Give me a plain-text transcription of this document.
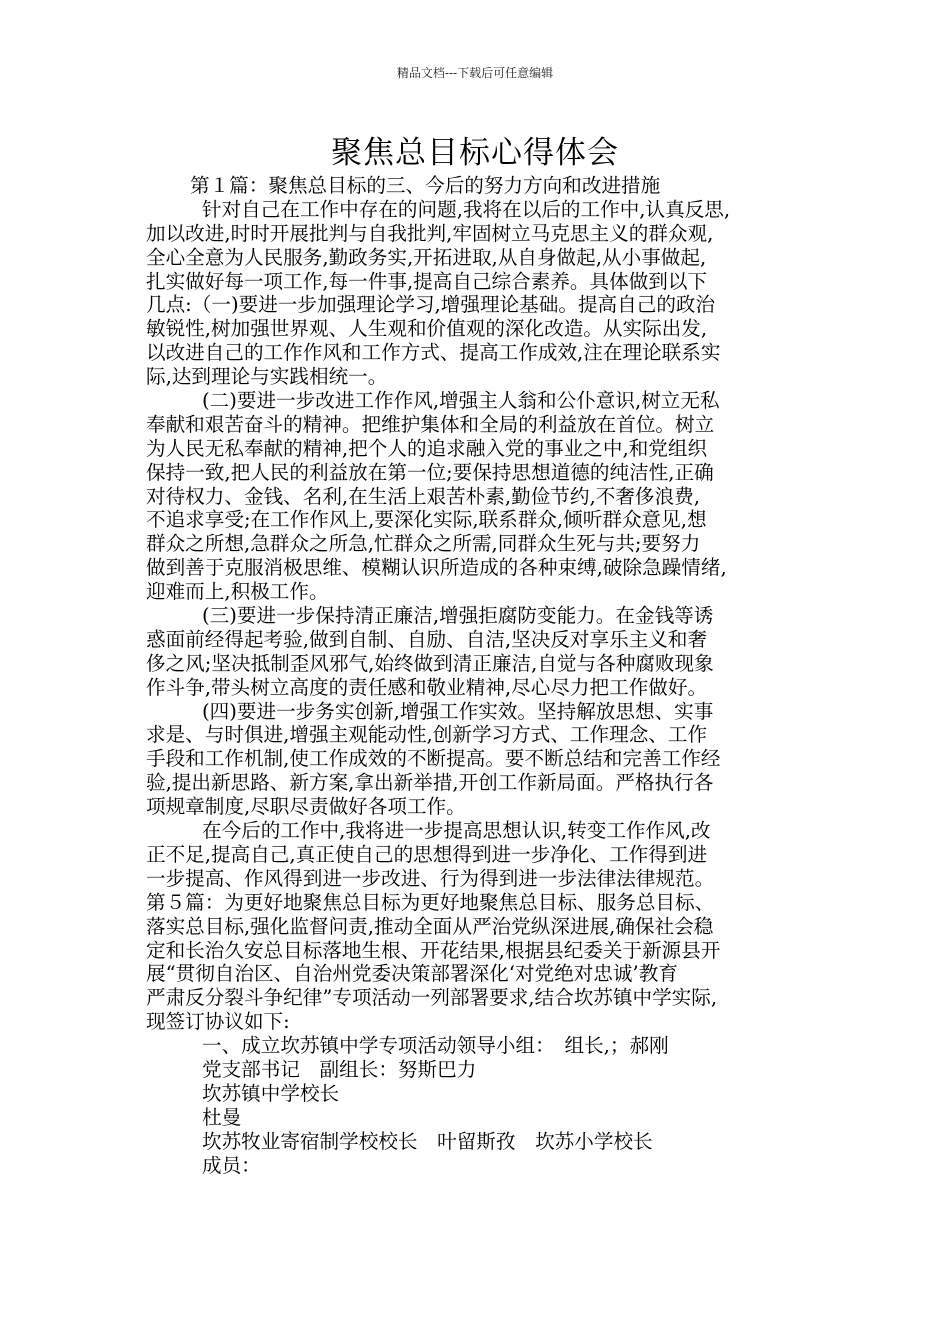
精品文档---下载后可任意编辑
聚焦总目标心得体会
第１篇：聚焦总目标的三、今后的努力方向和改进措施
针对自己在工作中存在的问题,我将在以后的工作中,认真反思,
加以改进,时时开展批判与自我批判,牢固树立马克思主义的群众观,
全心全意为人民服务,勤政务实,开拓进取,从自身做起,从小事做起,
扎实做好每一项工作,每一件事,提高自己综合素养。具体做到以下
几点:（一)要进一步加强理论学习,增强理论基础。提高自己的政治
敏锐性,树加强世界观、人生观和价值观的深化改造。从实际出发,
以改进自己的工作作风和工作方式、提高工作成效,注在理论联系实
际,达到理论与实践相统一。
(二)要进一步改进工作作风,增强主人翁和公仆意识,树立无私
奉献和艰苦奋斗的精神。把维护集体和全局的利益放在首位。树立
为人民无私奉献的精神,把个人的追求融入党的事业之中,和党组织
保持一致,把人民的利益放在第一位;要保持思想道德的纯洁性,正确
对待权力、金钱、名利,在生活上艰苦朴素,勤俭节约,不奢侈浪费,
不追求享受;在工作作风上,要深化实际,联系群众,倾听群众意见,想
群众之所想,急群众之所急,忙群众之所需,同群众生死与共;要努力
做到善于克服消极思维、模糊认识所造成的各种束缚,破除急躁情绪,
迎难而上,积极工作。
(三)要进一步保持清正廉洁,增强拒腐防变能力。在金钱等诱
惑面前经得起考验,做到自制、自励、自洁,坚决反对享乐主义和奢
侈之风;坚决抵制歪风邪气,始终做到清正廉洁,自觉与各种腐败现象
作斗争,带头树立高度的责任感和敬业精神,尽心尽力把工作做好。
(四)要进一步务实创新,增强工作实效。坚持解放思想、实事
求是、与时俱进,增强主观能动性,创新学习方式、工作理念、工作
手段和工作机制,使工作成效的不断提高。要不断总结和完善工作经
验,提出新思路、新方案,拿出新举措,开创工作新局面。严格执行各
项规章制度,尽职尽责做好各项工作。
在今后的工作中,我将进一步提高思想认识,转变工作作风,改
正不足,提高自己,真正使自己的思想得到进一步净化、工作得到进
一步提高、作风得到进一步改进、行为得到进一步法律法律规范。
第５篇：为更好地聚焦总目标为更好地聚焦总目标、服务总目标、
落实总目标,强化监督问责,推动全面从严治党纵深进展,确保社会稳
定和长治久安总目标落地生根、开花结果,根据县纪委关于新源县开
展“贯彻自治区、自治州党委决策部署深化‘对党绝对忠诚’教育
严肃反分裂斗争纪律”专项活动一列部署要求,结合坎苏镇中学实际,
现签订协议如下:
一、成立坎苏镇中学专项活动领导小组：　组长,；郝刚
党支部书记　副组长：努斯巴力
坎苏镇中学校长
杜曼
坎苏牧业寄宿制学校校长　叶留斯孜　坎苏小学校长
成员：
